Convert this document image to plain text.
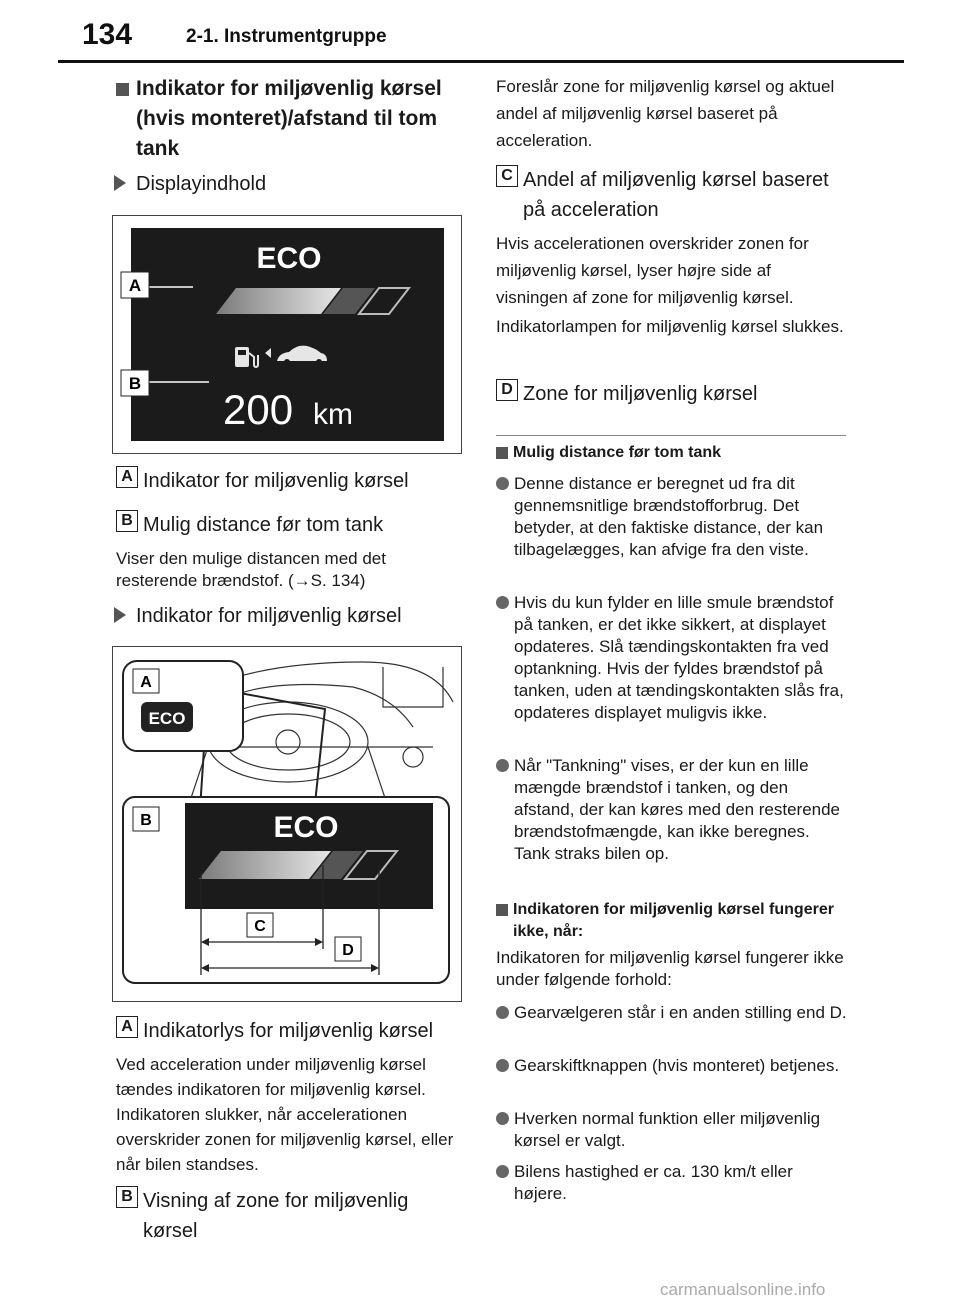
134	2-1. Instrumentgruppe
Indikator for miljøvenlig kørsel (hvis monteret)/afstand til tom tank
Displayindhold
ECO
200 km
A
B
A Indikator for miljøvenlig kørsel
B Mulig distance før tom tank
Viser den mulige distancen med det resterende brændstof. (→S. 134)
Indikator for miljøvenlig kørsel
ECO
A
ECO
B
C
D
A Indikatorlys for miljøvenlig kørsel
Ved acceleration under miljøvenlig kørsel tændes indikatoren for miljøvenlig kørsel. Indikatoren slukker, når accelerationen overskrider zonen for miljøvenlig kørsel, eller når bilen standses.
B Visning af zone for miljøvenlig kørsel
Foreslår zone for miljøvenlig kørsel og aktuel andel af miljøvenlig kørsel baseret på acceleration.
C Andel af miljøvenlig kørsel baseret på acceleration
Hvis accelerationen overskrider zonen for miljøvenlig kørsel, lyser højre side af visningen af zone for miljøvenlig kørsel.
Indikatorlampen for miljøvenlig kørsel slukkes.
D Zone for miljøvenlig kørsel
Mulig distance før tom tank
Denne distance er beregnet ud fra dit gennemsnitlige brændstofforbrug. Det betyder, at den faktiske distance, der kan tilbagelægges, kan afvige fra den viste.
Hvis du kun fylder en lille smule brændstof på tanken, er det ikke sikkert, at displayet opdateres. Slå tændingskontakten fra ved optankning. Hvis der fyldes brændstof på tanken, uden at tændingskontakten slås fra, opdateres displayet muligvis ikke.
Når "Tankning" vises, er der kun en lille mængde brændstof i tanken, og den afstand, der kan køres med den resterende brændstofmængde, kan ikke beregnes. Tank straks bilen op.
Indikatoren for miljøvenlig kørsel fungerer ikke, når:
Indikatoren for miljøvenlig kørsel fungerer ikke under følgende forhold:
Gearvælgeren står i en anden stilling end D.
Gearskiftknappen (hvis monteret) betjenes.
Hverken normal funktion eller miljøvenlig kørsel er valgt.
Bilens hastighed er ca. 130 km/t eller højere.
carmanualsonline.info
